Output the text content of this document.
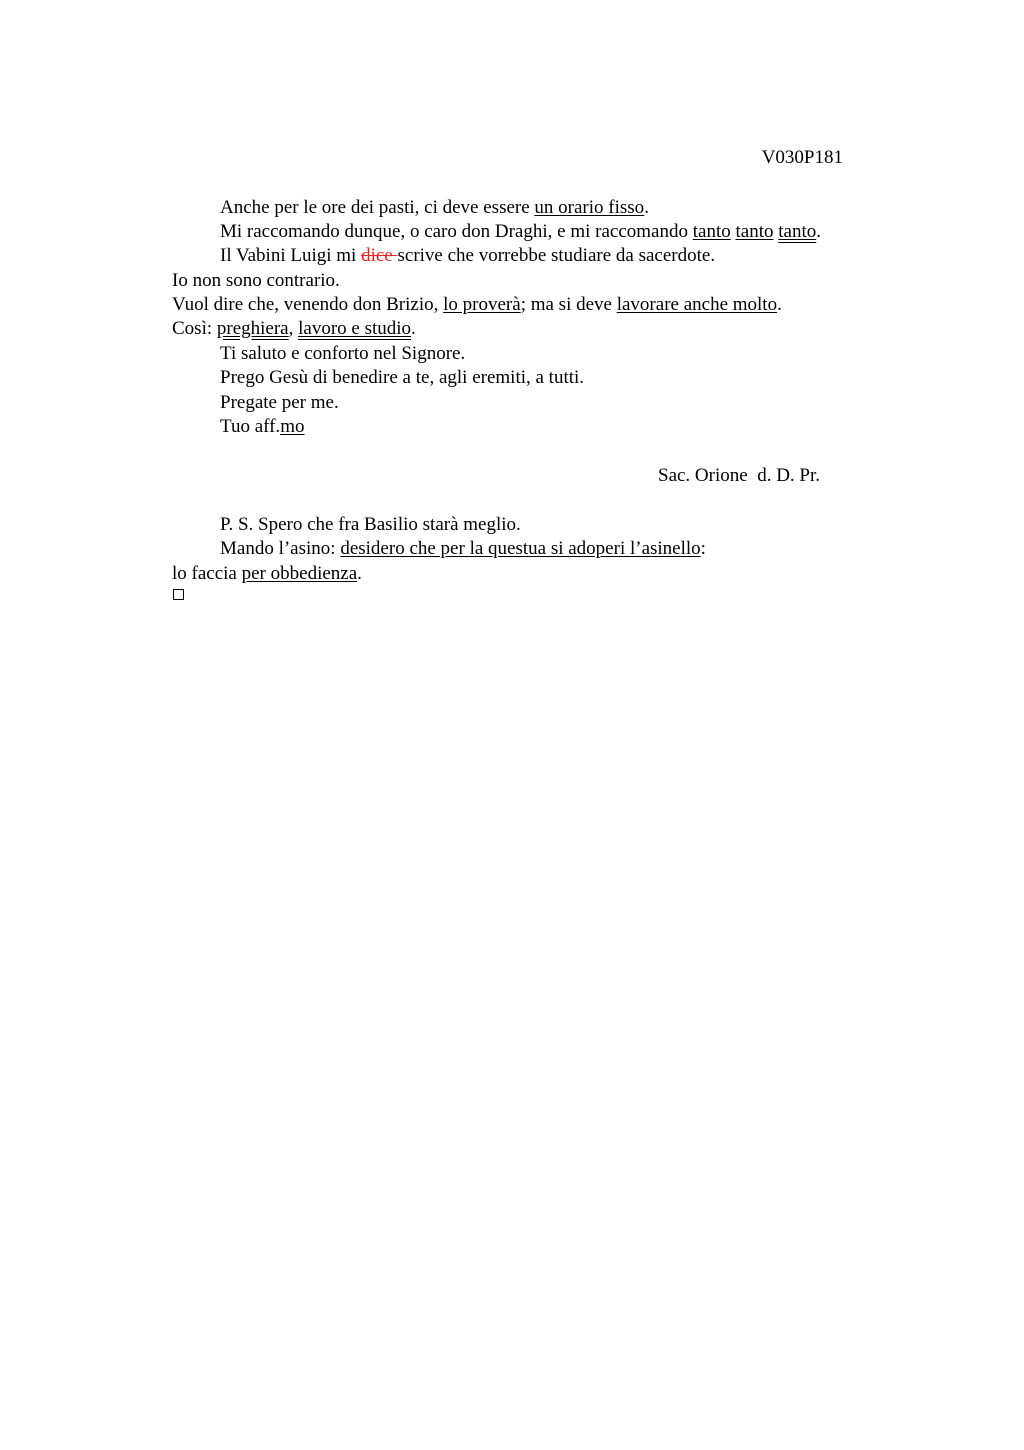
V030P181
Anche per le ore dei pasti, ci deve essere un orario fisso.
Mi raccomando dunque, o caro don Draghi, e mi raccomando tanto tanto tanto.
Il Vabini Luigi mi dice scrive che vorrebbe studiare da sacerdote.
Io non sono contrario.
Vuol dire che, venendo don Brizio, lo proverà; ma si deve lavorare anche molto.
Così: preghiera, lavoro e studio.
Ti saluto e conforto nel Signore.
Prego Gesù di benedire a te, agli eremiti, a tutti.
Pregate per me.
Tuo aff.mo
Sac. Orione  d. D. Pr.
P. S. Spero che fra Basilio starà meglio.
Mando l’asino: desidero che per la questua si adoperi l’asinello:
lo faccia per obbedienza.
